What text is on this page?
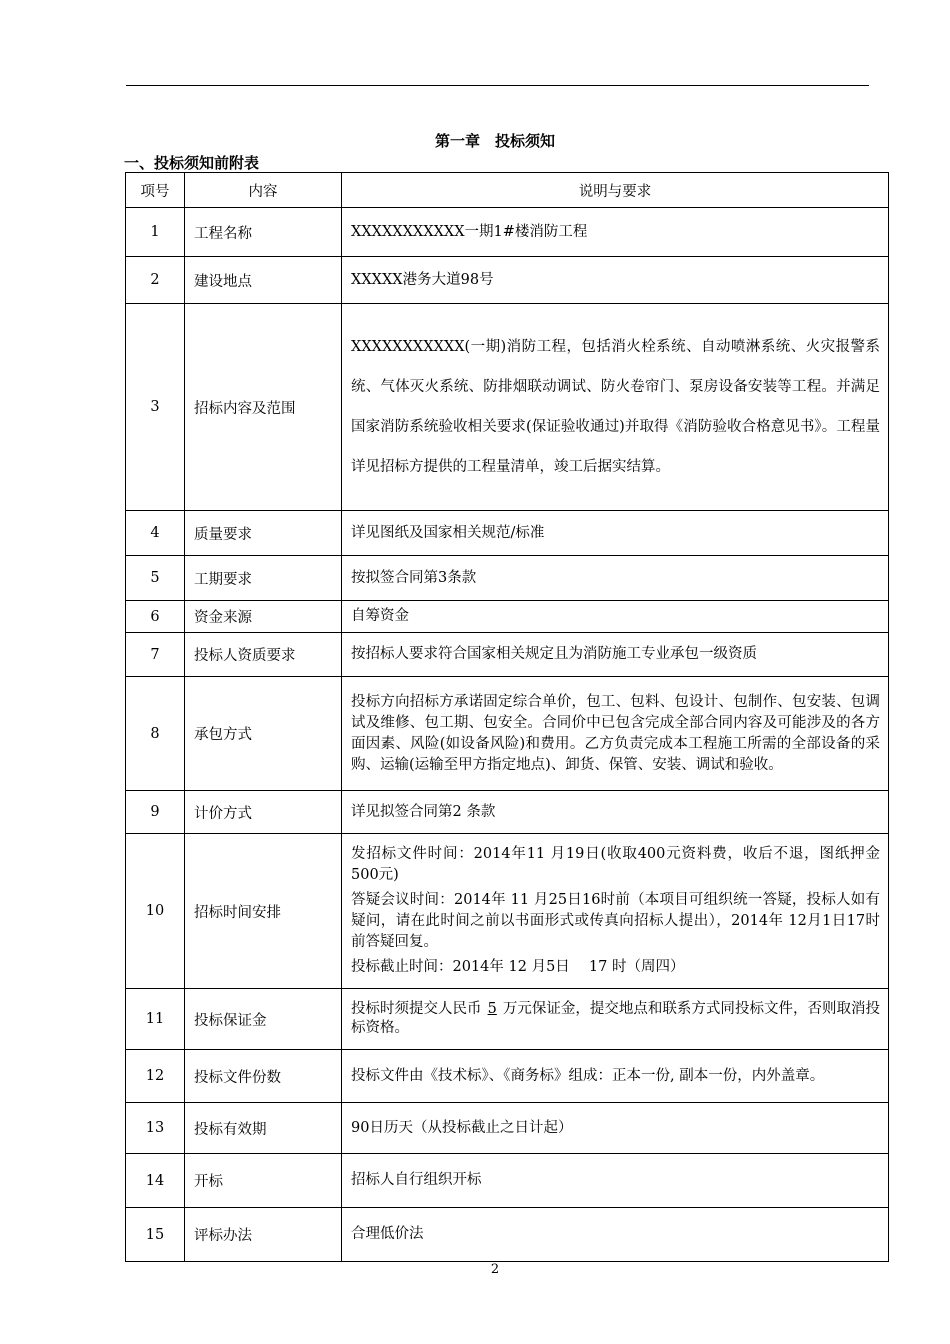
第一章　投标须知
一、投标须知前附表
项号	内容	说明与要求
1	工程名称	XXXXXXXXXXX一期1#楼消防工程

2	建设地点	XXXXX港务大道98号

3	招标内容及范围	XXXXXXXXXXX(一期)消防工程，包括消火栓系统、自动喷淋系统、火灾报警系统、气体灭火系统、防排烟联动调试、防火卷帘门、泵房设备安装等工程。并满足国家消防系统验收相关要求(保证验收通过)并取得《消防验收合格意见书》。工程量详见招标方提供的工程量清单，竣工后据实结算。

4	质量要求	详见图纸及国家相关规范/标准

5	工期要求	按拟签合同第3条款

6	资金来源	自筹资金

7	投标人资质要求	按招标人要求符合国家相关规定且为消防施工专业承包一级资质

8	承包方式	投标方向招标方承诺固定综合单价，包工、包料、包设计、包制作、包安装、包调试及维修、包工期、包安全。合同价中已包含完成全部合同内容及可能涉及的各方面因素、风险(如设备风险)和费用。乙方负责完成本工程施工所需的全部设备的采购、运输(运输至甲方指定地点)、卸货、保管、安装、调试和验收。

9	计价方式	详见拟签合同第2 条款

10	招标时间安排	发招标文件时间：2014年11 月19日(收取400元资料费，收后不退，图纸押金500元)

答疑会议时间：2014年 11 月25日16时前（本项目可组织统一答疑，投标人如有疑问，请在此时间之前以书面形式或传真向招标人提出），2014年 12月1日17时前答疑回复。

投标截止时间：2014年 12 月5日　 17 时（周四）

11	投标保证金	投标时须提交人民币 5 万元保证金，提交地点和联系方式同投标文件，否则取消投标资格。

12	投标文件份数	投标文件由《技术标》、《商务标》组成：正本一份, 副本一份，内外盖章。

13	投标有效期	90日历天（从投标截止之日计起）

14	开标	招标人自行组织开标

15	评标办法	合理低价法

2
